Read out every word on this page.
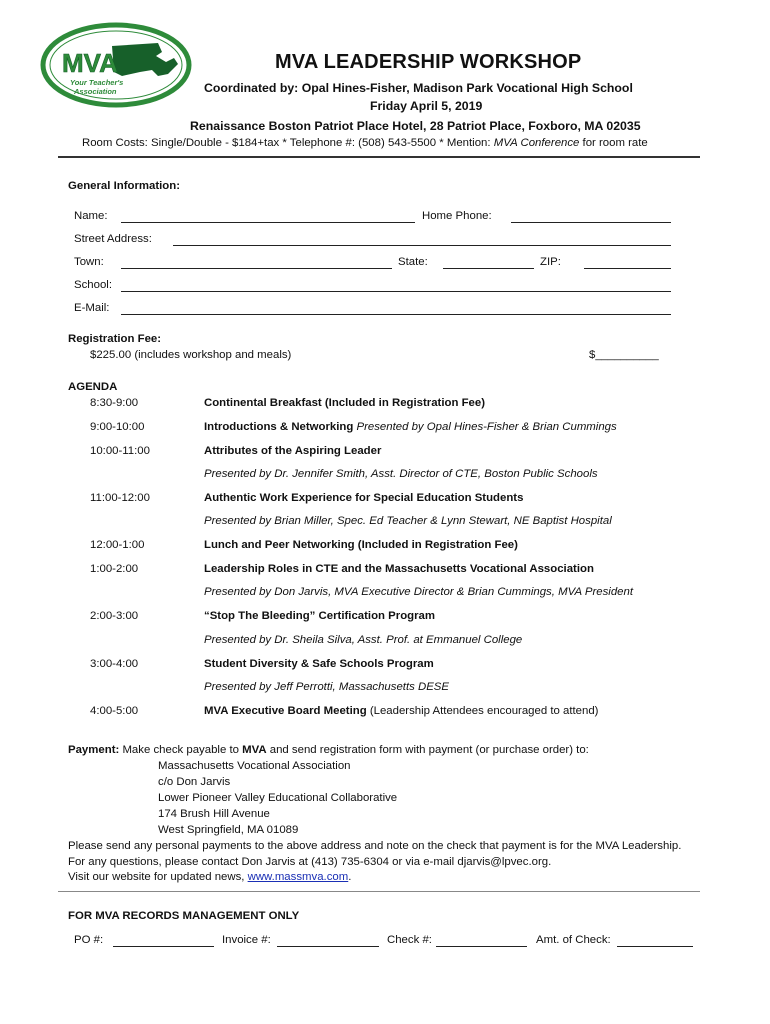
MVA
Your Teacher's
Association
MVA LEADERSHIP WORKSHOP
Coordinated by: Opal Hines-Fisher, Madison Park Vocational High School
Friday April 5, 2019
Renaissance Boston Patriot Place Hotel, 28 Patriot Place, Foxboro, MA 02035
Room Costs: Single/Double - $184+tax * Telephone #: (508) 543-5500 * Mention: MVA Conference for room rate
General Information:
Name:	Home Phone:
Street Address:
Town:	State:	ZIP:
School:
E-Mail:
Registration Fee:
$225.00 (includes workshop and meals)	$__________
AGENDA
8:30-9:00	Continental Breakfast (Included in Registration Fee)
9:00-10:00	Introductions & Networking Presented by Opal Hines-Fisher & Brian Cummings
10:00-11:00	Attributes of the Aspiring Leader
Presented by Dr. Jennifer Smith, Asst. Director of CTE, Boston Public Schools
11:00-12:00	Authentic Work Experience for Special Education Students
Presented by Brian Miller, Spec. Ed Teacher & Lynn Stewart, NE Baptist Hospital
12:00-1:00	Lunch and Peer Networking (Included in Registration Fee)
1:00-2:00	Leadership Roles in CTE and the Massachusetts Vocational Association
Presented by Don Jarvis, MVA Executive Director & Brian Cummings, MVA President
2:00-3:00	“Stop The Bleeding” Certification Program
Presented by Dr. Sheila Silva, Asst. Prof. at Emmanuel College
3:00-4:00	Student Diversity & Safe Schools Program
Presented by Jeff Perrotti, Massachusetts DESE
4:00-5:00	MVA Executive Board Meeting (Leadership Attendees encouraged to attend)
Payment: Make check payable to MVA and send registration form with payment (or purchase order) to:
Massachusetts Vocational Association
c/o Don Jarvis
Lower Pioneer Valley Educational Collaborative
174 Brush Hill Avenue
West Springfield, MA 01089
Please send any personal payments to the above address and note on the check that payment is for the MVA Leadership.
For any questions, please contact Don Jarvis at (413) 735-6304 or via e-mail djarvis@lpvec.org.
Visit our website for updated news, www.massmva.com.
FOR MVA RECORDS MANAGEMENT ONLY
PO #:	Invoice #:	Check #:	Amt. of Check:
